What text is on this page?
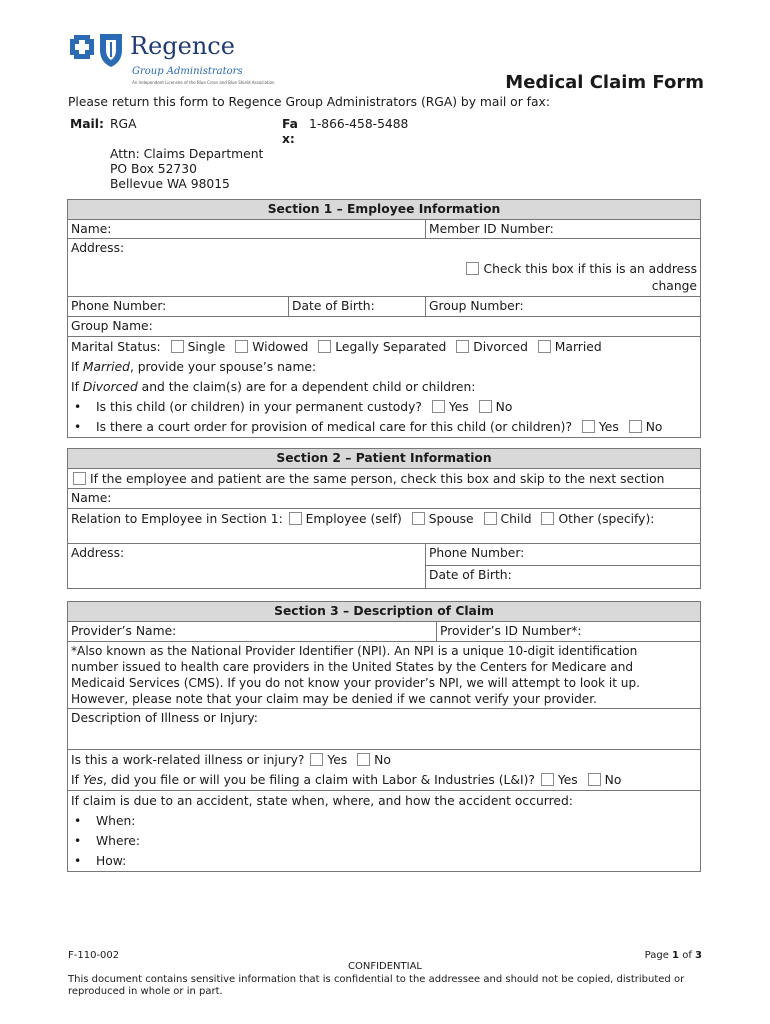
Regence
Group Administrators
An Independent Licensee of the Blue Cross and Blue Shield Association	Medical Claim Form
Please return this form to Regence Group Administrators (RGA) by mail or fax:
Mail: RGA

Attn: Claims Department
PO Box 52730
Bellevue WA 98015
Fax:
1-866-458-5488
Section 1 – Employee Information
Name:	Member ID Number:
Address:
Check this box if this is an address
change
Phone Number:	Date of Birth:	Group Number:
Group Name:
Marital Status: Single Widowed Legally Separated Divorced Married
If Married, provide your spouse’s name:
If Divorced and the claim(s) are for a dependent child or children:
• Is this child (or children) in your permanent custody? Yes No
• Is there a court order for provision of medical care for this child (or children)? Yes No
Section 2 – Patient Information
If the employee and patient are the same person, check this box and skip to the next section
Name:
Relation to Employee in Section 1: Employee (self) Spouse Child Other (specify):
Address:	Phone Number:
Date of Birth:
Section 3 – Description of Claim
Provider’s Name:	Provider’s ID Number*:
*Also known as the National Provider Identifier (NPI). An NPI is a unique 10-digit identification
number issued to health care providers in the United States by the Centers for Medicare and
Medicaid Services (CMS). If you do not know your provider’s NPI, we will attempt to look it up.
However, please note that your claim may be denied if we cannot verify your provider.
Description of Illness or Injury:
Is this a work-related illness or injury? Yes No
If Yes, did you file or will you be filing a claim with Labor & Industries (L&I)? Yes No
If claim is due to an accident, state when, where, and how the accident occurred:
• When:
• Where:
• How:
F-110-002	Page 1 of 3
CONFIDENTIAL
This document contains sensitive information that is confidential to the addressee and should not be copied, distributed or reproduced in whole or in part.
